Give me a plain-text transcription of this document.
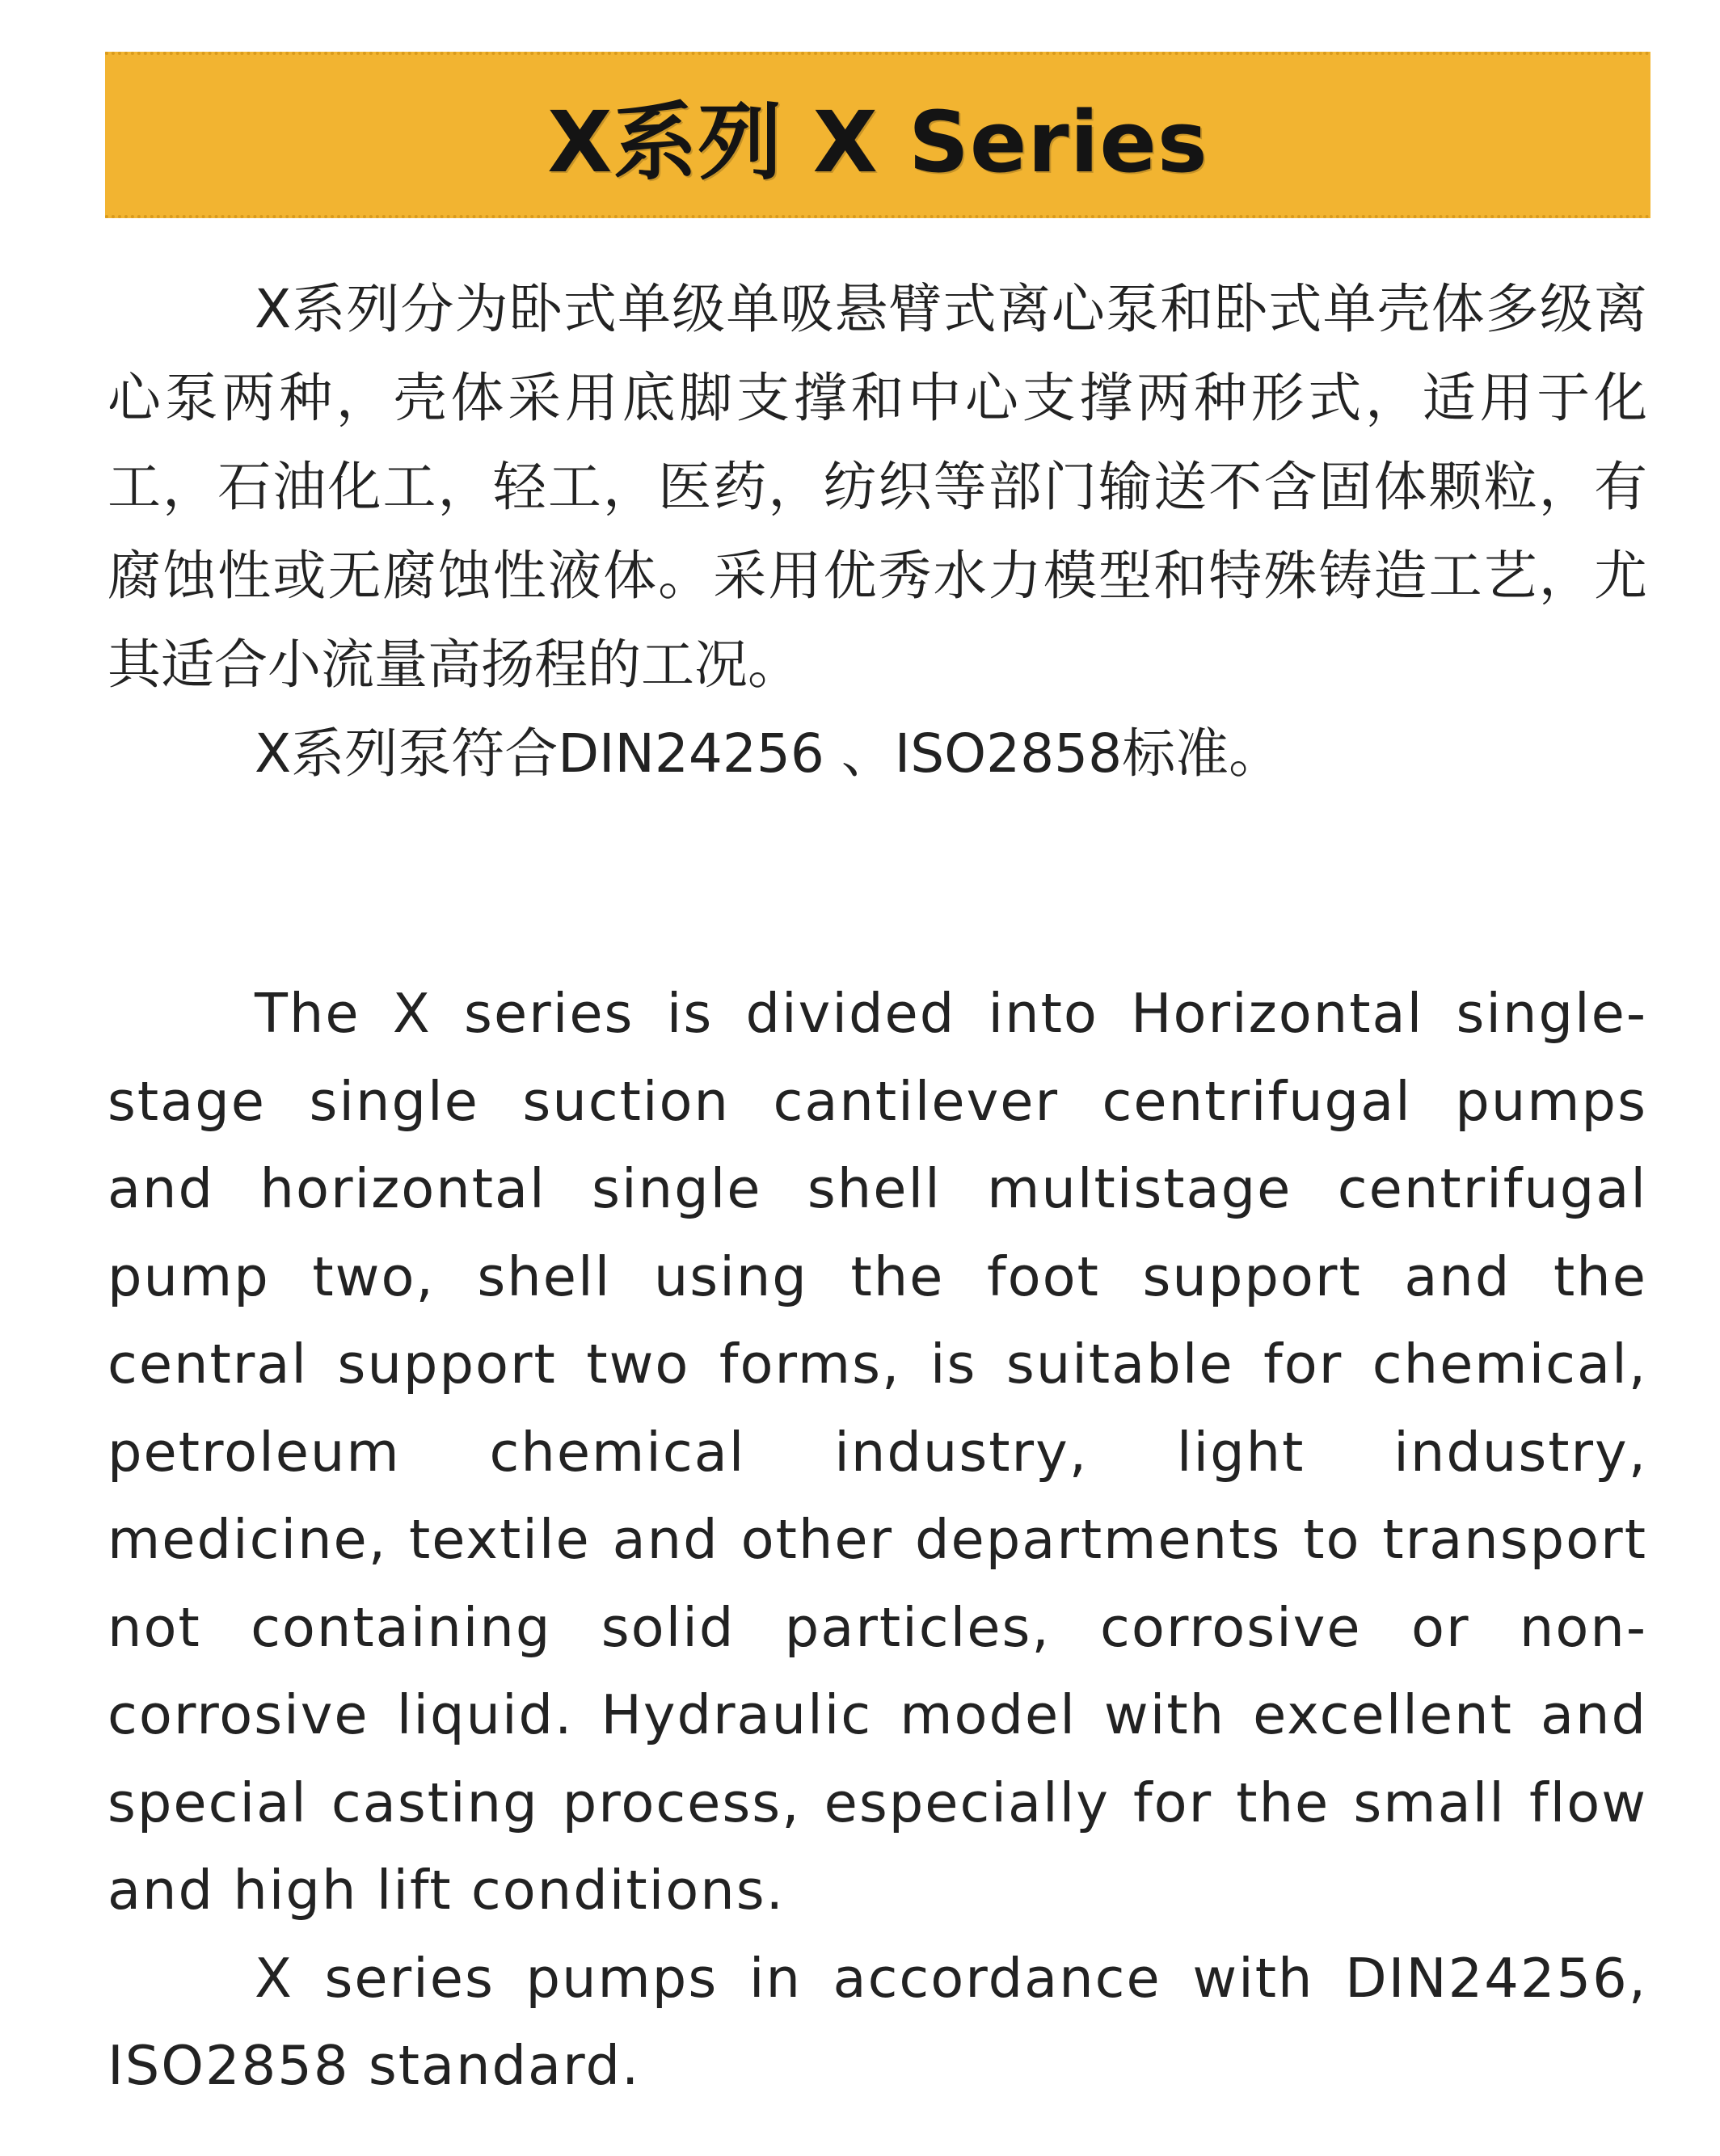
X系列 X Series

X系列分为卧式单级单吸悬臂式离心泵和卧式单壳体多级离心泵两种，壳体采用底脚支撑和中心支撑两种形式，适用于化工，石油化工，轻工，医药，纺织等部门输送不含固体颗粒，有腐蚀性或无腐蚀性液体。采用优秀水力模型和特殊铸造工艺，尤其适合小流量高扬程的工况。

X系列泵符合DIN24256 、ISO2858标准。

The X series is divided into Horizontal single-stage single suction cantilever centrifugal pumps and horizontal single shell multistage centrifugal pump two, shell using the foot support and the central support two forms, is suitable for chemical, petroleum chemical industry, light industry, medicine, textile and other departments to transport not containing solid particles, corrosive or non- corrosive liquid. Hydraulic model with excellent and special casting process, especially for the small flow and high lift conditions.

X series pumps in accordance with DIN24256, ISO2858 standard.
